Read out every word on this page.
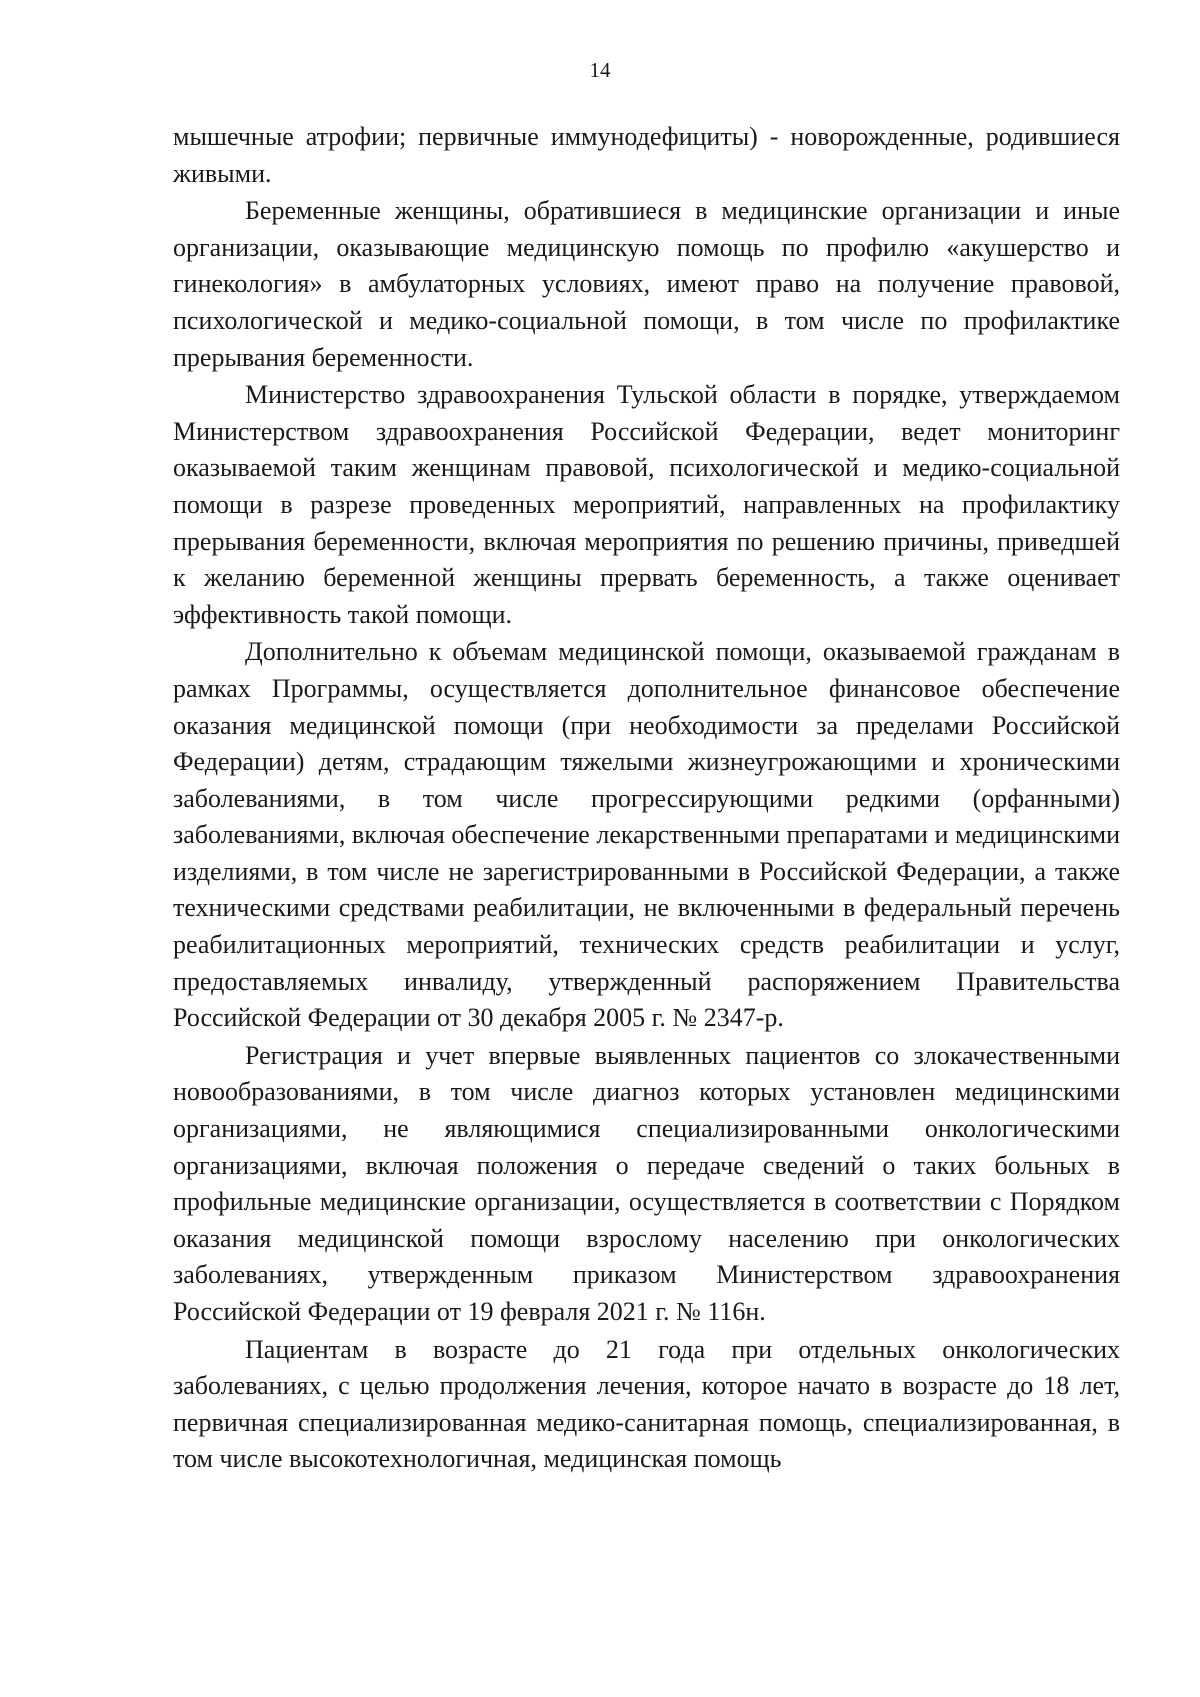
14

мышечные атрофии; первичные иммунодефициты) - новорожденные, родившиеся живыми.

Беременные женщины, обратившиеся в медицинские организации и иные организации, оказывающие медицинскую помощь по профилю «акушерство и гинекология» в амбулаторных условиях, имеют право на получение правовой, психологической и медико-социальной помощи, в том числе по профилактике прерывания беременности.

Министерство здравоохранения Тульской области в порядке, утверждаемом Министерством здравоохранения Российской Федерации, ведет мониторинг оказываемой таким женщинам правовой, психологической и медико-социальной помощи в разрезе проведенных мероприятий, направленных на профилактику прерывания беременности, включая мероприятия по решению причины, приведшей к желанию беременной женщины прервать беременность, а также оценивает эффективность такой помощи.

Дополнительно к объемам медицинской помощи, оказываемой гражданам в рамках Программы, осуществляется дополнительное финансовое обеспечение оказания медицинской помощи (при необходимости за пределами Российской Федерации) детям, страдающим тяжелыми жизнеугрожающими и хроническими заболеваниями, в том числе прогрессирующими редкими (орфанными) заболеваниями, включая обеспечение лекарственными препаратами и медицинскими изделиями, в том числе не зарегистрированными в Российской Федерации, а также техническими средствами реабилитации, не включенными в федеральный перечень реабилитационных мероприятий, технических средств реабилитации и услуг, предоставляемых инвалиду, утвержденный распоряжением Правительства Российской Федерации от 30 декабря 2005 г. № 2347-р.

Регистрация и учет впервые выявленных пациентов со злокачественными новообразованиями, в том числе диагноз которых установлен медицинскими организациями, не являющимися специализированными онкологическими организациями, включая положения о передаче сведений о таких больных в профильные медицинские организации, осуществляется в соответствии с Порядком оказания медицинской помощи взрослому населению при онкологических заболеваниях, утвержденным приказом Министерством здравоохранения Российской Федерации от 19 февраля 2021 г. № 116н.

Пациентам в возрасте до 21 года при отдельных онкологических заболеваниях, с целью продолжения лечения, которое начато в возрасте до 18 лет, первичная специализированная медико-санитарная помощь, специализированная, в том числе высокотехнологичная, медицинская помощь
